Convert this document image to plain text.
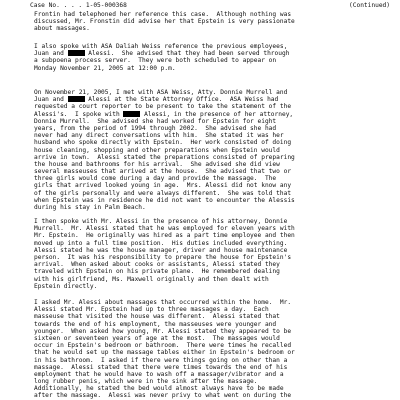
Case No. . . . 1-05-000368	(Continued)
Frontin had telephoned her reference this case.  Although nothing was
discussed, Mr. Fronstin did advise her that Epstein is very passionate
about massages.
I also spoke with ASA Daliah Weiss reference the previous employees,
Juan and	Alessi.  She advised that they had been served through
a subpoena process server.  They were both scheduled to appear on
Monday November 21, 2005 at 12:00 p.m.
On November 21, 2005, I met with ASA Weiss, Atty. Donnie Murrell and
Juan and	Alessi at the State Attorney Office.  ASA Weiss had
requested a court reporter to be present to take the statement of the
Alessi's.  I spoke with	Alessi, in the presence of her attorney,
Donnie Murrell.  She advised she had worked for Epstein for eight
years, from the period of 1994 through 2002.  She advised she had
never had any direct conversations with him.  She stated it was her
husband who spoke directly with Epstein.  Her work consisted of doing
house cleaning, shopping and other preparations when Epstein would
arrive in town.  Alessi stated the preparations consisted of preparing
the house and bathrooms for his arrival.  She advised she did view
several masseuses that arrived at the house.  She advised that two or
three girls would come during a day and provide the massage.  The
girls that arrived looked young in age.  Mrs. Alessi did not know any
of the girls personally and were always different.  She was told that
when Epstein was in residence he did not want to encounter the Alessis
during his stay in Palm Beach.
I then spoke with Mr. Alessi in the presence of his attorney, Donnie
Murrell.  Mr. Alessi stated that he was employed for eleven years with
Mr. Epstein.  He originally was hired as a part time employee and then
moved up into a full time position.  His duties included everything.
Alessi stated he was the house manager, driver and house maintenance
person.  It was his responsibility to prepare the house for Epstein's
arrival.  When asked about cooks or assistants, Alessi stated they
traveled with Epstein on his private plane.  He remembered dealing
with his girlfriend, Ms. Maxwell originally and then dealt with
Epstein directly.
I asked Mr. Alessi about massages that occurred within the home.  Mr.
Alessi stated Mr. Epstein had up to three massages a day.  Each
masseuse that visited the house was different.  Alessi stated that
towards the end of his employment, the masseuses were younger and
younger.  When asked how young, Mr. Alessi stated they appeared to be
sixteen or seventeen years of age at the most.  The massages would
occur in Epstein's bedroom or bathroom.  There were times he recalled
that he would set up the massage tables either in Epstein's bedroom or
in his bathroom.  I asked if there were things going on other than a
massage.  Alessi stated that there were times towards the end of his
employment that he would have to wash off a massager/vibrator and a
long rubber penis, which were in the sink after the massage.
Additionally, he stated the bed would almost always have to be made
after the massage.  Alessi was never privy to what went on during the
